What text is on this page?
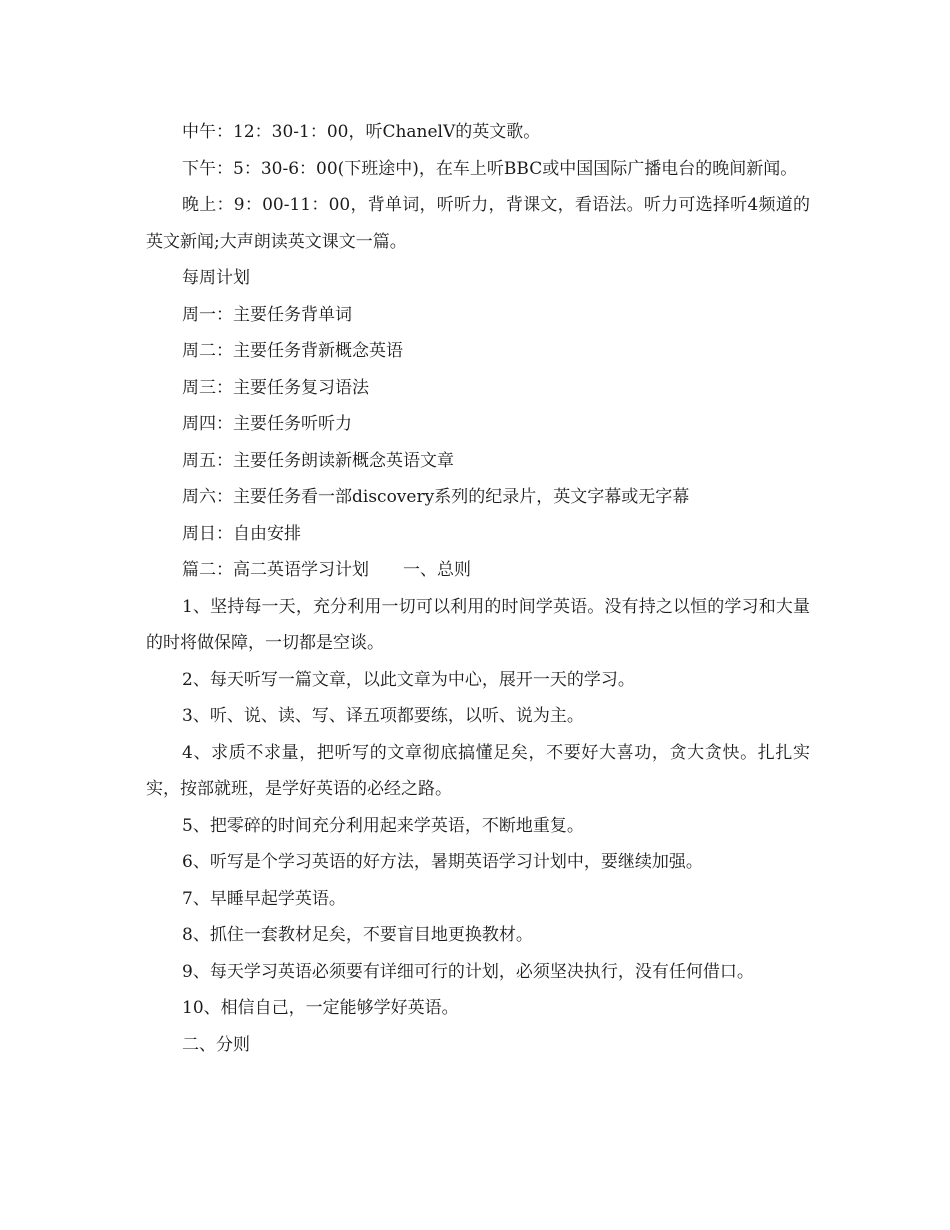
中午：12：30-1：00，听ChanelV的英文歌。

下午：5：30-6：00(下班途中)，在车上听BBC或中国国际广播电台的晚间新闻。

晚上：9：00-11：00，背单词，听听力，背课文，看语法。听力可选择听4频道的英文新闻;大声朗读英文课文一篇。

每周计划

周一：主要任务背单词

周二：主要任务背新概念英语

周三：主要任务复习语法

周四：主要任务听听力

周五：主要任务朗读新概念英语文章

周六：主要任务看一部discovery系列的纪录片，英文字幕或无字幕

周日：自由安排

篇二：高二英语学习计划　　一、总则

1、坚持每一天，充分利用一切可以利用的时间学英语。没有持之以恒的学习和大量的时将做保障，一切都是空谈。

2、每天听写一篇文章，以此文章为中心，展开一天的学习。

3、听、说、读、写、译五项都要练，以听、说为主。

4、求质不求量，把听写的文章彻底搞懂足矣，不要好大喜功，贪大贪快。扎扎实实，按部就班，是学好英语的必经之路。

5、把零碎的时间充分利用起来学英语，不断地重复。

6、听写是个学习英语的好方法，暑期英语学习计划中，要继续加强。

7、早睡早起学英语。

8、抓住一套教材足矣，不要盲目地更换教材。

9、每天学习英语必须要有详细可行的计划，必须坚决执行，没有任何借口。

10、相信自己，一定能够学好英语。

二、分则
